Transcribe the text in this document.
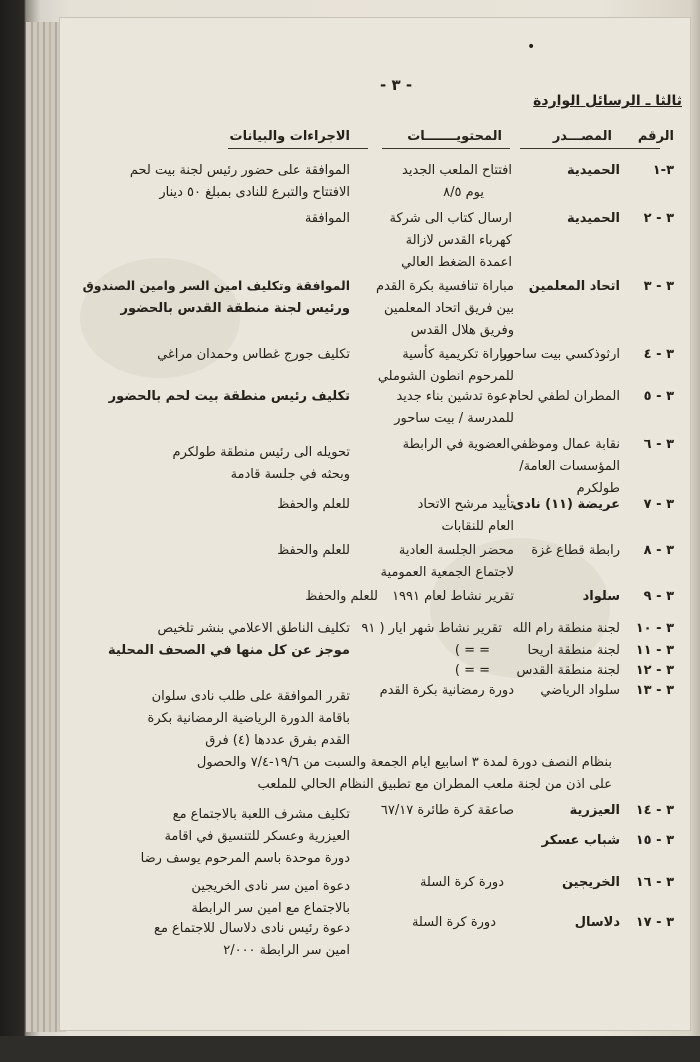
•
- ٣ -
ثالثا ـ الرسائل الواردة
الرقم
المصـــدر
المحتويـــــــات
الاجراءات والبيانات
٣-١
الحميدية
افتتاح الملعب الجديد
يوم ٨/٥
الموافقة على حضور رئيس لجنة بيت لحم
الافتتاح والتبرع للنادى بمبلغ ٥٠ دينار
٣ - ٢
الحميدية
ارسال كتاب الى شركة
كهرباء القدس لازالة
اعمدة الضغط العالي
الموافقة
٣ - ٣
اتحاد المعلمين
مباراة تنافسية بكرة القدم
بين فريق اتحاد المعلمين
وفريق هلال القدس
الموافقة وتكليف امين السر وامين الصندوق
ورئيس لجنة منطقة القدس بالحضور
٣ - ٤
ارثوذكسي بيت ساحور
مباراة تكريمية كأسية
للمرحوم انطون الشوملي
تكليف جورج غطاس وحمدان مراغي
٣ - ٥
المطران لطفي لحام
دعوة تدشين بناء جديد
للمدرسة / بيت ساحور
تكليف رئيس منطقة بيت لحم بالحضور
٣ - ٦
نقابة عمال وموظفي
المؤسسات العامة/
طولكرم
العضوية في الرابطة
تحويله الى رئيس منطقة طولكرم
وبحثه في جلسة قادمة
٣ - ٧
عريضة (١١) نادى
تأييد مرشح الاتحاد
العام للنقابات
للعلم والحفظ
٣ - ٨
رابطة قطاع غزة
محضر الجلسة العادية
لاجتماع الجمعية العمومية
للعلم والحفظ
٣ - ٩
سلواد
تقرير نشاط لعام ١٩٩١
للعلم والحفظ
٣ - ١٠
لجنة منطقة رام الله
تقرير نشاط شهر ايار ( ٩١
تكليف الناطق الاعلامي بنشر تلخيص
موجز عن كل منها في الصحف المحلية	٣ - ١١
لجنة منطقة اريحا
= = )
٣ - ١٢
لجنة منطقة القدس
= = )
٣ - ١٣
سلواد الرياضي
دورة رمضانية بكرة القدم
تقرر الموافقة على طلب نادى سلوان
باقامة الدورة الرياضية الرمضانية بكرة
القدم بفرق عددها (٤) فرق
بنظام النصف دورة لمدة ٣ اسابيع ايام الجمعة والسبت من ١٩/٦-٧/٤ والحصول
على اذن من لجنة ملعب المطران مع تطبيق النظام الحالي للملعب
٣ - ١٤
العيزرية
صاعقة كرة طائرة ٦٧/١٧
تكليف مشرف اللعبة بالاجتماع مع
العيزرية وعسكر للتنسيق في اقامة
دورة موحدة باسم المرحوم يوسف رضا
٣ - ١٥
شباب عسكر
٣ - ١٦
الخريجين
دورة كرة السلة
دعوة امين سر نادى الخريجين
بالاجتماع مع امين سر الرابطة
٣ - ١٧
دلاسال
دورة كرة السلة
دعوة رئيس نادى دلاسال للاجتماع مع
امين سر الرابطة ٢/٠٠٠
